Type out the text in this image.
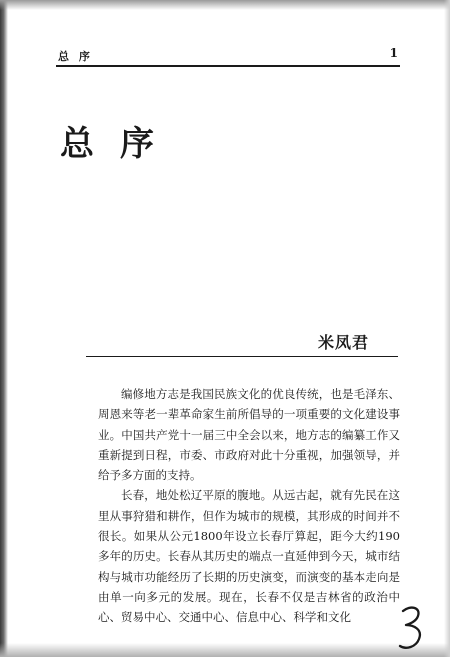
总 序	1
总序
米凤君

编修地方志是我国民族文化的优良传统，也是毛泽东、周恩来等老一辈革命家生前所倡导的一项重要的文化建设事业。中国共产党十一届三中全会以来，地方志的编纂工作又重新提到日程，市委、市政府对此十分重视，加强领导，并给予多方面的支持。

长春，地处松辽平原的腹地。从远古起，就有先民在这里从事狩猎和耕作，但作为城市的规模，其形成的时间并不很长。如果从公元1800年设立长春厅算起，距今大约190多年的历史。长春从其历史的端点一直延伸到今天，城市结构与城市功能经历了长期的历史演变，而演变的基本走向是由单一向多元的发展。现在，长春不仅是吉林省的政治中心、贸易中心、交通中心、信息中心、科学和文化
